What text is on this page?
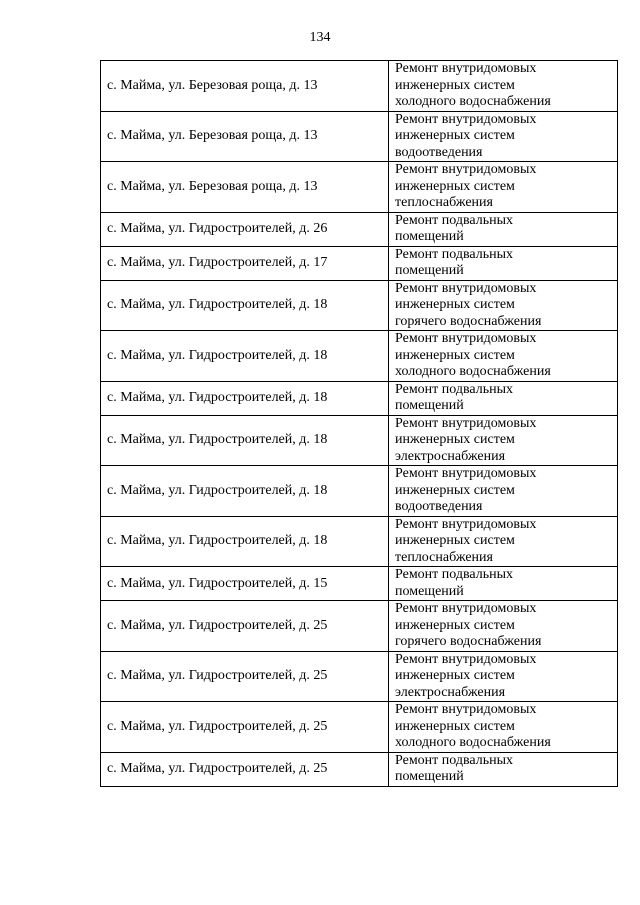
134
с. Майма, ул. Березовая роща, д. 13	Ремонт внутридомовых
инженерных систем
холодного водоснабжения
с. Майма, ул. Березовая роща, д. 13	Ремонт внутридомовых
инженерных систем
водоотведения
с. Майма, ул. Березовая роща, д. 13	Ремонт внутридомовых
инженерных систем
теплоснабжения
с. Майма, ул. Гидростроителей, д. 26	Ремонт подвальных
помещений
с. Майма, ул. Гидростроителей, д. 17	Ремонт подвальных
помещений
с. Майма, ул. Гидростроителей, д. 18	Ремонт внутридомовых
инженерных систем
горячего водоснабжения
с. Майма, ул. Гидростроителей, д. 18	Ремонт внутридомовых
инженерных систем
холодного водоснабжения
с. Майма, ул. Гидростроителей, д. 18	Ремонт подвальных
помещений
с. Майма, ул. Гидростроителей, д. 18	Ремонт внутридомовых
инженерных систем
электроснабжения
с. Майма, ул. Гидростроителей, д. 18	Ремонт внутридомовых
инженерных систем
водоотведения
с. Майма, ул. Гидростроителей, д. 18	Ремонт внутридомовых
инженерных систем
теплоснабжения
с. Майма, ул. Гидростроителей, д. 15	Ремонт подвальных
помещений
с. Майма, ул. Гидростроителей, д. 25	Ремонт внутридомовых
инженерных систем
горячего водоснабжения
с. Майма, ул. Гидростроителей, д. 25	Ремонт внутридомовых
инженерных систем
электроснабжения
с. Майма, ул. Гидростроителей, д. 25	Ремонт внутридомовых
инженерных систем
холодного водоснабжения
с. Майма, ул. Гидростроителей, д. 25	Ремонт подвальных
помещений
